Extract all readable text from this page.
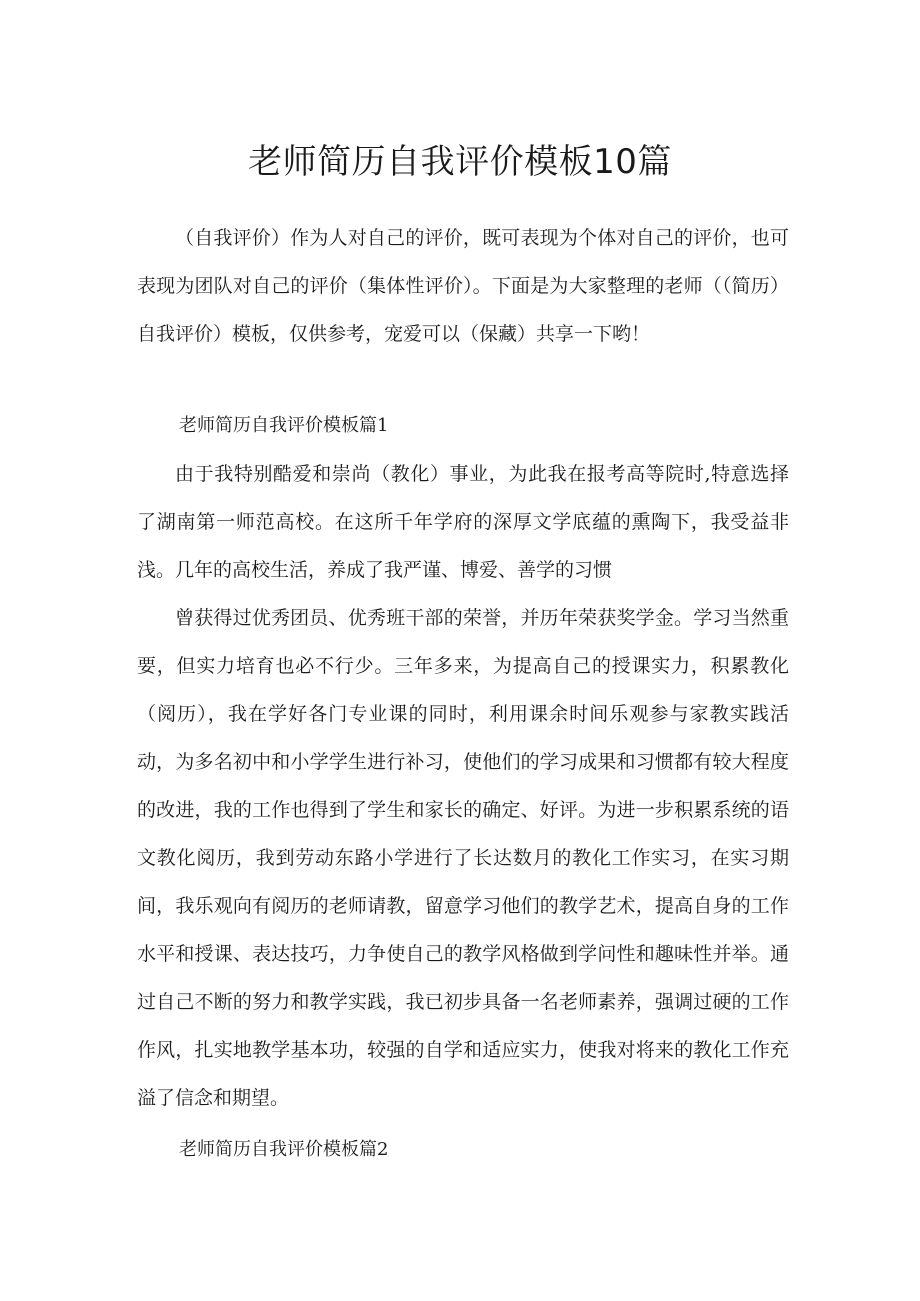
老师简历自我评价模板10篇

（自我评价）作为人对自己的评价，既可表现为个体对自己的评价，也可表现为团队对自己的评价（集体性评价）。下面是为大家整理的老师（（简历）自我评价）模板，仅供参考，宠爱可以（保藏）共享一下哟！

老师简历自我评价模板篇1

由于我特别酷爱和崇尚（教化）事业，为此我在报考高等院时,特意选择了湖南第一师范高校。在这所千年学府的深厚文学底蕴的熏陶下，我受益非浅。几年的高校生活，养成了我严谨、博爱、善学的习惯

曾获得过优秀团员、优秀班干部的荣誉，并历年荣获奖学金。学习当然重要，但实力培育也必不行少。三年多来，为提高自己的授课实力，积累教化（阅历），我在学好各门专业课的同时，利用课余时间乐观参与家教实践活动，为多名初中和小学学生进行补习，使他们的学习成果和习惯都有较大程度的改进，我的工作也得到了学生和家长的确定、好评。为进一步积累系统的语文教化阅历，我到劳动东路小学进行了长达数月的教化工作实习，在实习期间，我乐观向有阅历的老师请教，留意学习他们的教学艺术，提高自身的工作水平和授课、表达技巧，力争使自己的教学风格做到学问性和趣味性并举。通过自己不断的努力和教学实践，我已初步具备一名老师素养，强调过硬的工作作风，扎实地教学基本功，较强的自学和适应实力，使我对将来的教化工作充溢了信念和期望。

老师简历自我评价模板篇2
